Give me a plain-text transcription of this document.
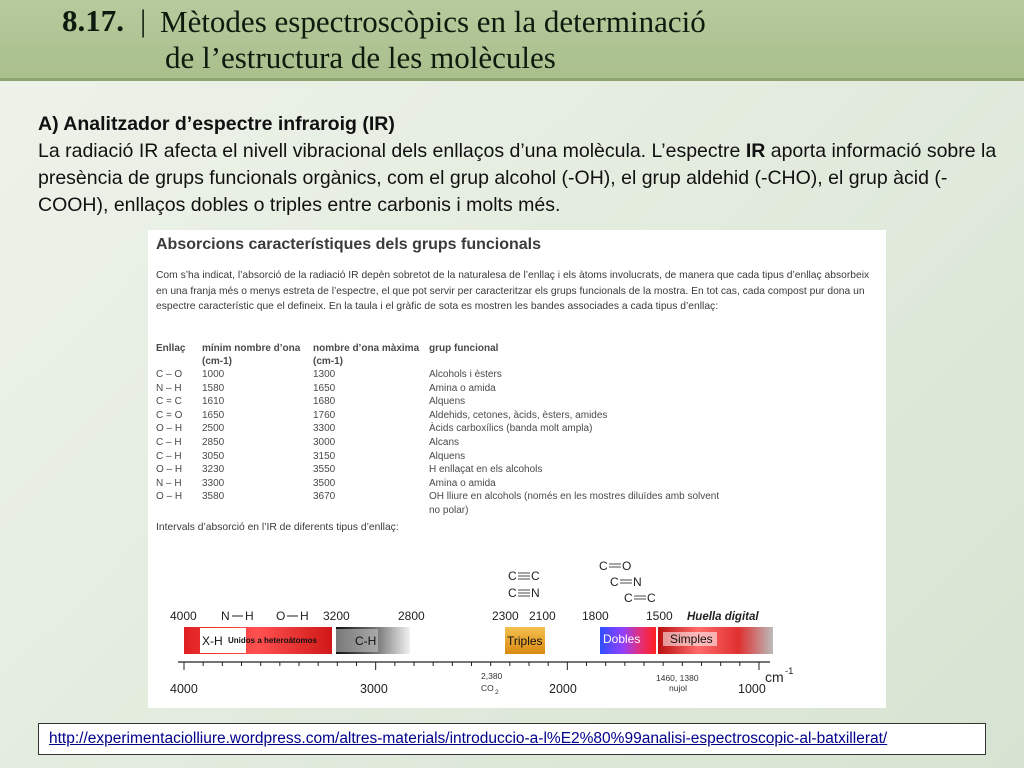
8.17. | Mètodes espectroscòpics en la determinació
de l’estructura de les molècules
A) Analitzador d’espectre infraroig (IR)
La radiació IR afecta el nivell vibracional dels enllaços d’una molècula. L’espectre IR aporta informació sobre la presència de grups funcionals orgànics, com el grup alcohol (-OH), el grup aldehid (-CHO), el grup àcid (-COOH), enllaços dobles o triples entre carbonis i molts més.
Absorcions característiques dels grups funcionals
Com s’ha indicat, l’absorció de la radiació IR depèn sobretot de la naturalesa de l’enllaç i els àtoms involucrats, de manera que cada tipus d’enllaç absorbeix en una franja més o menys estreta de l’espectre, el que pot servir per caracteritzar els grups funcionals de la mostra. En tot cas, cada compost pur dona un espectre característic que el defineix. En la taula i el gràfic de sota es mostren les bandes associades a cada tipus d’enllaç:
Enllaç	mínim nombre d’ona (cm-1)	nombre d’ona màxima (cm-1)	grup funcional
C – O	1000	1300	Alcohols i èsters
N – H	1580	1650	Amina o amida
C = C	1610	1680	Alquens
C = O	1650	1760	Aldehids, cetones, àcids, èsters, amides
O – H	2500	3300	Àcids carboxílics (banda molt ampla)
C – H	2850	3000	Alcans
C – H	3050	3150	Alquens
O – H	3230	3550	H enllaçat en els alcohols
N – H	3300	3500	Amina o amida
O – H	3580	3670	OH lliure en alcohols (només en les mostres diluïdes amb solvent no polar)
Intervals d’absorció en l’IR de diferents tipus d’enllaç:
4000 N H O H 3200	2800	2300 2100 1800	1500 Huella digital
C C
C N
C O
C N
C C
X-H Unidos a heteroátomos	C-H	Triples	Dobles Simples
4000	3000	2000	1000
cm -1
2,380
CO 2
1460, 1380
nujol
http://experimentaciolliure.wordpress.com/altres-materials/introduccio-a-l%E2%80%99analisi-espectroscopic-al-batxillerat/
